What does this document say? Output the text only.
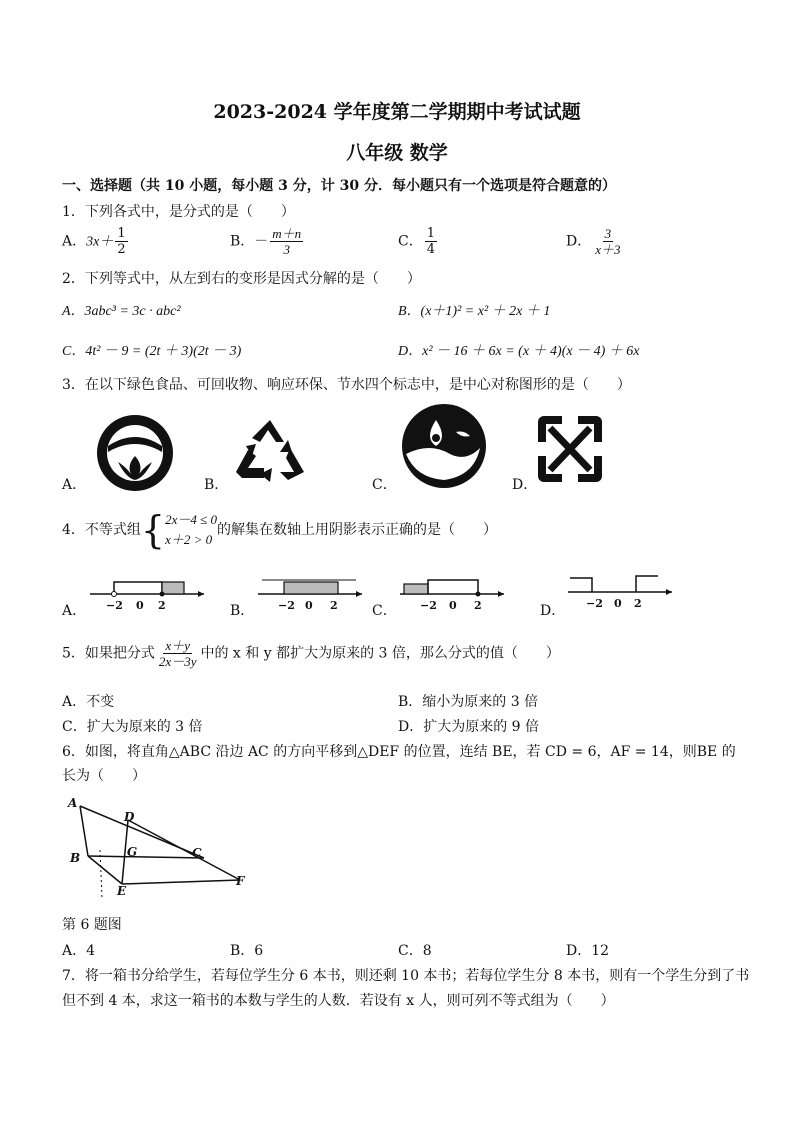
2023-2024 学年度第二学期期中考试试题
八年级 数学
一、选择题（共 10 小题，每小题 3 分，计 30 分．每小题只有一个选项是符合题意的）
1．下列各式中，是分式的是（　　）
A．$3x+ \frac{1}{2}$	B．－ $\frac{m+n}{3}$	C． $\frac{1}{4}$	D． $\frac{3}{x+3}$
2．下列等式中，从左到右的变形是因式分解的是（　　）
A．3abc³ = 3c · abc²	B．(x＋1)² = x² ＋ 2x ＋ 1
C．4t² － 9 = (2t ＋ 3)(2t － 3)	D．x² － 16 ＋ 6x = (x ＋ 4)(x － 4) ＋ 6x
3．在以下绿色食品、可回收物、响应环保、节水四个标志中，是中心对称图形的是（　　）
A．	B．	C．	D．
4．不等式组{ 2x－4 ≤ 0
x＋2 > 0
的解集在数轴上用阴影表示正确的是（　　）
A． −2 0 2	B． −2 0 2 C． −2 0 2	D． −2 0 2
5．如果把分式 $\frac{x+y}{2x-3y}$ 中的 x 和 y 都扩大为原来的 3 倍，那么分式的值（　　）
A．不变	B．缩小为原来的 3 倍
C．扩大为原来的 3 倍	D．扩大为原来的 9 倍
6．如图，将直角△ABC 沿边 AC 的方向平移到△DEF 的位置，连结 BE，若 CD = 6，AF = 14，则BE 的
长为（　　）
A
D
B	G	C
E
F
第 6 题图
A．4	B．6	C．8	D．12
7．将一箱书分给学生，若每位学生分 6 本书，则还剩 10 本书；若每位学生分 8 本书，则有一个学生分到了书
但不到 4 本，求这一箱书的本数与学生的人数．若设有 x 人，则可列不等式组为（　　）
